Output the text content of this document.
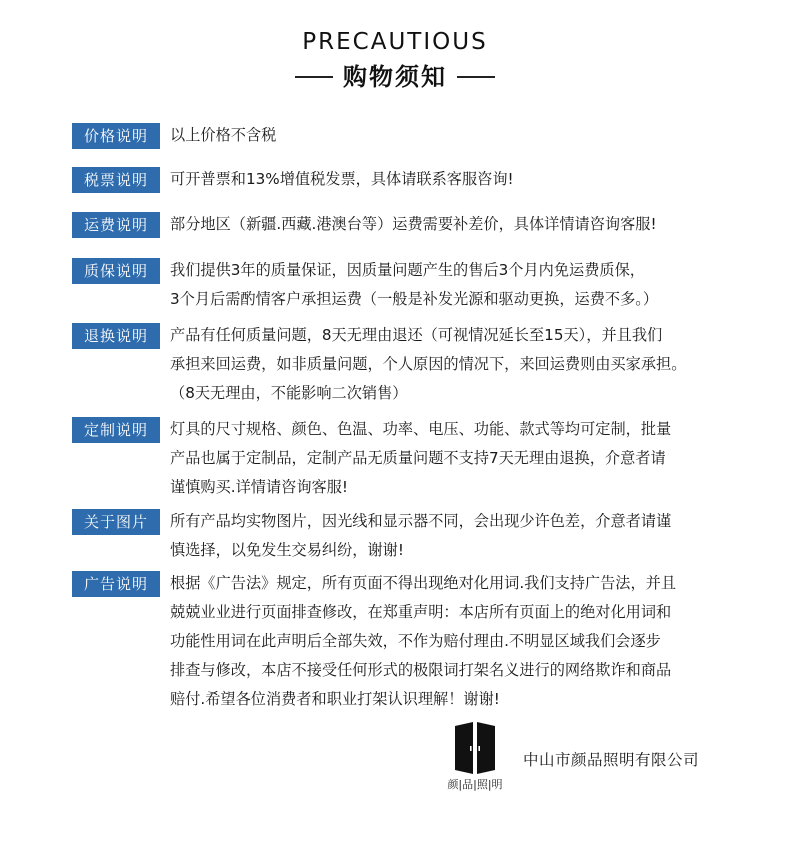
PRECAUTIOUS
购物须知
价格说明	以上价格不含税
税票说明	可开普票和13%增值税发票，具体请联系客服咨询!
运费说明	部分地区（新疆.西藏.港澳台等）运费需要补差价，具体详情请咨询客服!
质保说明	我们提供3年的质量保证，因质量问题产生的售后3个月内免运费质保，
3个月后需酌情客户承担运费（一般是补发光源和驱动更换，运费不多。）
退换说明	产品有任何质量问题，8天无理由退还（可视情况延长至15天），并且我们
承担来回运费，如非质量问题，个人原因的情况下，来回运费则由买家承担。
（8天无理由，不能影响二次销售）
定制说明	灯具的尺寸规格、颜色、色温、功率、电压、功能、款式等均可定制，批量
产品也属于定制品，定制产品无质量问题不支持7天无理由退换，介意者请
谨慎购买.详情请咨询客服!
关于图片	所有产品均实物图片，因光线和显示器不同，会出现少许色差，介意者请谨
慎选择，以免发生交易纠纷，谢谢!
广告说明	根据《广告法》规定，所有页面不得出现绝对化用词.我们支持广告法，并且
兢兢业业进行页面排查修改，在郑重声明：本店所有页面上的绝对化用词和
功能性用词在此声明后全部失效，不作为赔付理由.不明显区域我们会逐步
排查与修改，本店不接受任何形式的极限词打架名义进行的网络欺诈和商品
赔付.希望各位消费者和职业打架认识理解！谢谢!
颜|品|照|明
中山市颜品照明有限公司
